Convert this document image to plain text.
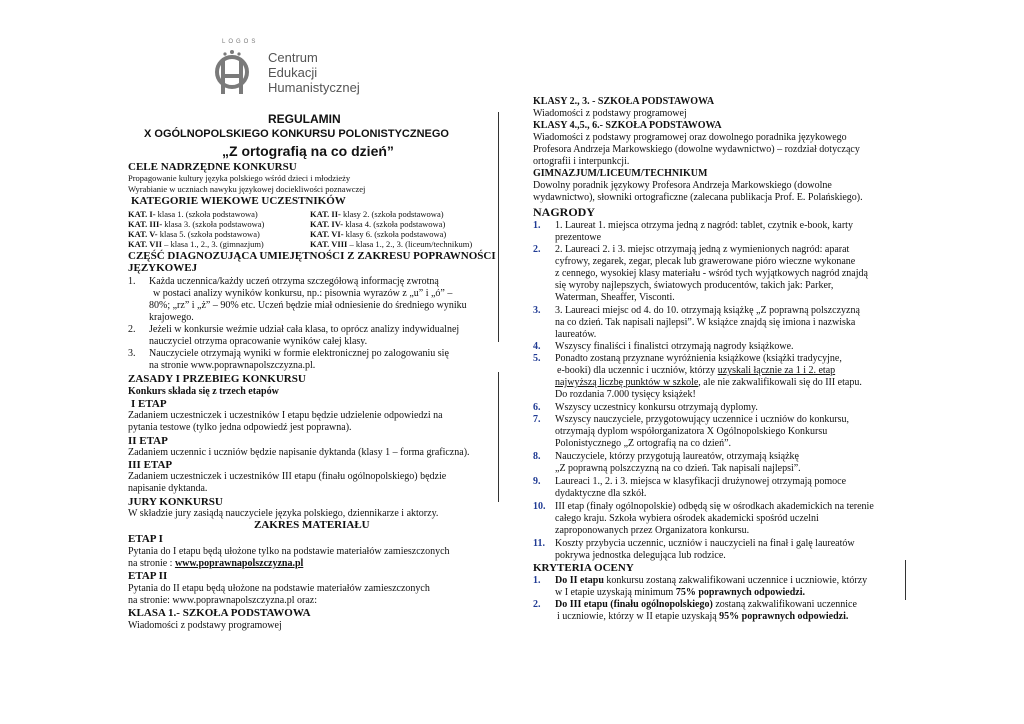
Centrum
Edukacji
Humanistycznej
LOGOS
REGULAMIN
X OGÓLNOPOLSKIEGO KONKURSU POLONISTYCZNEGO
„Z ortografią na co dzień”
CELE NADRZĘDNE KONKURSU
Propagowanie kultury języka polskiego wśród dzieci i młodzieży
Wyrabianie w uczniach nawyku językowej dociekliwości poznawczej
KATEGORIE WIEKOWE UCZESTNIKÓW
KAT. I- klasa 1. (szkoła podstawowa)	KAT. II- klasy 2. (szkoła podstawowa)
KAT. III- klasa 3. (szkoła podstawowa)	KAT. IV- klasa 4. (szkoła podstawowa)
KAT. V- klasa 5. (szkoła podstawowa)	KAT. VI- klasy 6. (szkoła podstawowa)
KAT. VII – klasa 1., 2., 3. (gimnazjum)	KAT. VIII – klasa 1., 2., 3. (liceum/technikum)
CZĘŚĆ DIAGNOZUJĄCA UMIEJĘTNOŚCI Z ZAKRESU POPRAWNOŚCI
JĘZYKOWEJ
1. Każda uczennica/każdy uczeń otrzyma szczegółową informację zwrotną
w postaci analizy wyników konkursu, np.: pisownia wyrazów z „u” i „ó” –
80%; „rz” i „ż” – 90% etc. Uczeń będzie miał odniesienie do średniego wyniku
krajowego.
2. Jeżeli w konkursie weźmie udział cała klasa, to oprócz analizy indywidualnej
nauczyciel otrzyma opracowanie wyników całej klasy.
3. Nauczyciele otrzymają wyniki w formie elektronicznej po zalogowaniu się
na stronie www.poprawnapolszczyzna.pl.
ZASADY I PRZEBIEG KONKURSU
Konkurs składa się z trzech etapów
I ETAP
Zadaniem uczestniczek i uczestników I etapu będzie udzielenie odpowiedzi na
pytania testowe (tylko jedna odpowiedź jest poprawna).
II ETAP
Zadaniem uczennic i uczniów będzie napisanie dyktanda (klasy 1 – forma graficzna).
III ETAP
Zadaniem uczestniczek i uczestników III etapu (finału ogólnopolskiego) będzie
napisanie dyktanda.
JURY KONKURSU
W składzie jury zasiądą nauczyciele języka polskiego, dziennikarze i aktorzy.
ZAKRES MATERIAŁU
ETAP I
Pytania do I etapu będą ułożone tylko na podstawie materiałów zamieszczonych
na stronie : www.poprawnapolszczyzna.pl
ETAP II
Pytania do II etapu będą ułożone na podstawie materiałów zamieszczonych
na stronie: www.poprawnapolszczyzna.pl oraz:
KLASA 1.- SZKOŁA PODSTAWOWA
Wiadomości z podstawy programowej
KLASY 2., 3. - SZKOŁA PODSTAWOWA
Wiadomości z podstawy programowej
KLASY 4.,5., 6.- SZKOŁA PODSTAWOWA
Wiadomości z podstawy programowej oraz dowolnego poradnika językowego
Profesora Andrzeja Markowskiego (dowolne wydawnictwo) – rozdział dotyczący
ortografii i interpunkcji.
GIMNAZJUM/LICEUM/TECHNIKUM
Dowolny poradnik językowy Profesora Andrzeja Markowskiego (dowolne
wydawnictwo), słowniki ortograficzne (zalecana publikacja Prof. E. Polańskiego).
NAGRODY
1. 1. Laureat 1. miejsca otrzyma jedną z nagród: tablet, czytnik e-book, karty
prezentowe
2. 2. Laureaci 2. i 3. miejsc otrzymają jedną z wymienionych nagród: aparat
cyfrowy, zegarek, zegar, plecak lub grawerowane pióro wieczne wykonane
z cennego, wysokiej klasy materiału - wśród tych wyjątkowych nagród znajdą
się wyroby najlepszych, światowych producentów, takich jak: Parker,
Waterman, Sheaffer, Visconti.
3. 3. Laureaci miejsc od 4. do 10. otrzymają książkę „Z poprawną polszczyzną
na co dzień. Tak napisali najlepsi”. W książce znajdą się imiona i nazwiska
laureatów.
4. Wszyscy finaliści i finalistci otrzymają nagrody książkowe.
5. Ponadto zostaną przyznane wyróżnienia książkowe (książki tradycyjne,
e-booki) dla uczennic i uczniów, którzy uzyskali łącznie za 1 i 2. etap
najwyższą liczbę punktów w szkole, ale nie zakwalifikowali się do III etapu.
Do rozdania 7.000 tysięcy książek!
6. Wszyscy uczestnicy konkursu otrzymają dyplomy.
7. Wszyscy nauczyciele, przygotowujący uczennice i uczniów do konkursu,
otrzymają dyplom współorganizatora X Ogólnopolskiego Konkursu
Polonistycznego „Z ortografią na co dzień”.
8. Nauczyciele, którzy przygotują laureatów, otrzymają książkę
„Z poprawną polszczyzną na co dzień. Tak napisali najlepsi”.
9. Laureaci 1., 2. i 3. miejsca w klasyfikacji drużynowej otrzymają pomoce
dydaktyczne dla szkół.
10. III etap (finały ogólnopolskie) odbędą się w ośrodkach akademickich na terenie
całego kraju. Szkoła wybiera ośrodek akademicki spośród uczelni
zaproponowanych przez Organizatora konkursu.
11. Koszty przybycia uczennic, uczniów i nauczycieli na finał i galę laureatów
pokrywa jednostka delegująca lub rodzice.
KRYTERIA OCENY
1. Do II etapu konkursu zostaną zakwalifikowani uczennice i uczniowie, którzy
w I etapie uzyskają minimum 75% poprawnych odpowiedzi.
2. Do III etapu (finału ogólnopolskiego) zostaną zakwalifikowani uczennice
i uczniowie, którzy w II etapie uzyskają 95% poprawnych odpowiedzi.
